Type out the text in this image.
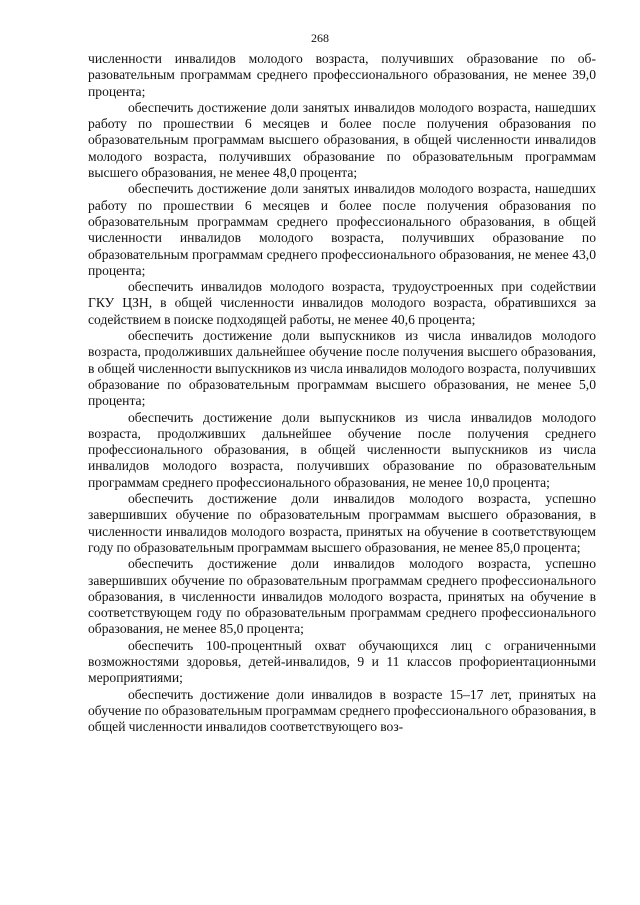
268

численности инвалидов молодого возраста, получивших образование по образовательным программам среднего профессионального образования, не менее 39,0 процента;

обеспечить достижение доли занятых инвалидов молодого возраста, нашедших работу по прошествии 6 месяцев и более после получения образования по образовательным программам высшего образования, в общей численности инвалидов молодого возраста, получивших образование по образовательным программам высшего образования, не менее 48,0 процента;

обеспечить достижение доли занятых инвалидов молодого возраста, нашедших работу по прошествии 6 месяцев и более после получения образования по образовательным программам среднего профессионального образования, в общей численности инвалидов молодого возраста, получивших образование по образовательным программам среднего профессионального образования, не менее 43,0 процента;

обеспечить инвалидов молодого возраста, трудоустроенных при содействии ГКУ ЦЗН, в общей численности инвалидов молодого возраста, обратившихся за содействием в поиске подходящей работы, не менее 40,6 процента;

обеспечить достижение доли выпускников из числа инвалидов молодого возраста, продолживших дальнейшее обучение после получения высшего образования, в общей численности выпускников из числа инвалидов молодого возраста, получивших образование по образовательным программам высшего образования, не менее 5,0 процента;

обеспечить достижение доли выпускников из числа инвалидов молодого возраста, продолживших дальнейшее обучение после получения среднего профессионального образования, в общей численности выпускников из числа инвалидов молодого возраста, получивших образование по образовательным программам среднего профессионального образования, не менее 10,0 процента;

обеспечить достижение доли инвалидов молодого возраста, успешно завершивших обучение по образовательным программам высшего образования, в численности инвалидов молодого возраста, принятых на обучение в соответствующем году по образовательным программам высшего образования, не менее 85,0 процента;

обеспечить достижение доли инвалидов молодого возраста, успешно завершивших обучение по образовательным программам среднего профессионального образования, в численности инвалидов молодого возраста, принятых на обучение в соответствующем году по образовательным программам среднего профессионального образования, не менее 85,0 процента;

обеспечить 100-процентный охват обучающихся лиц с ограниченными возможностями здоровья, детей-инвалидов, 9 и 11 классов профориентационными мероприятиями;

обеспечить достижение доли инвалидов в возрасте 15–17 лет, принятых на обучение по образовательным программам среднего профессионального образования, в общей численности инвалидов соответствующего воз-
